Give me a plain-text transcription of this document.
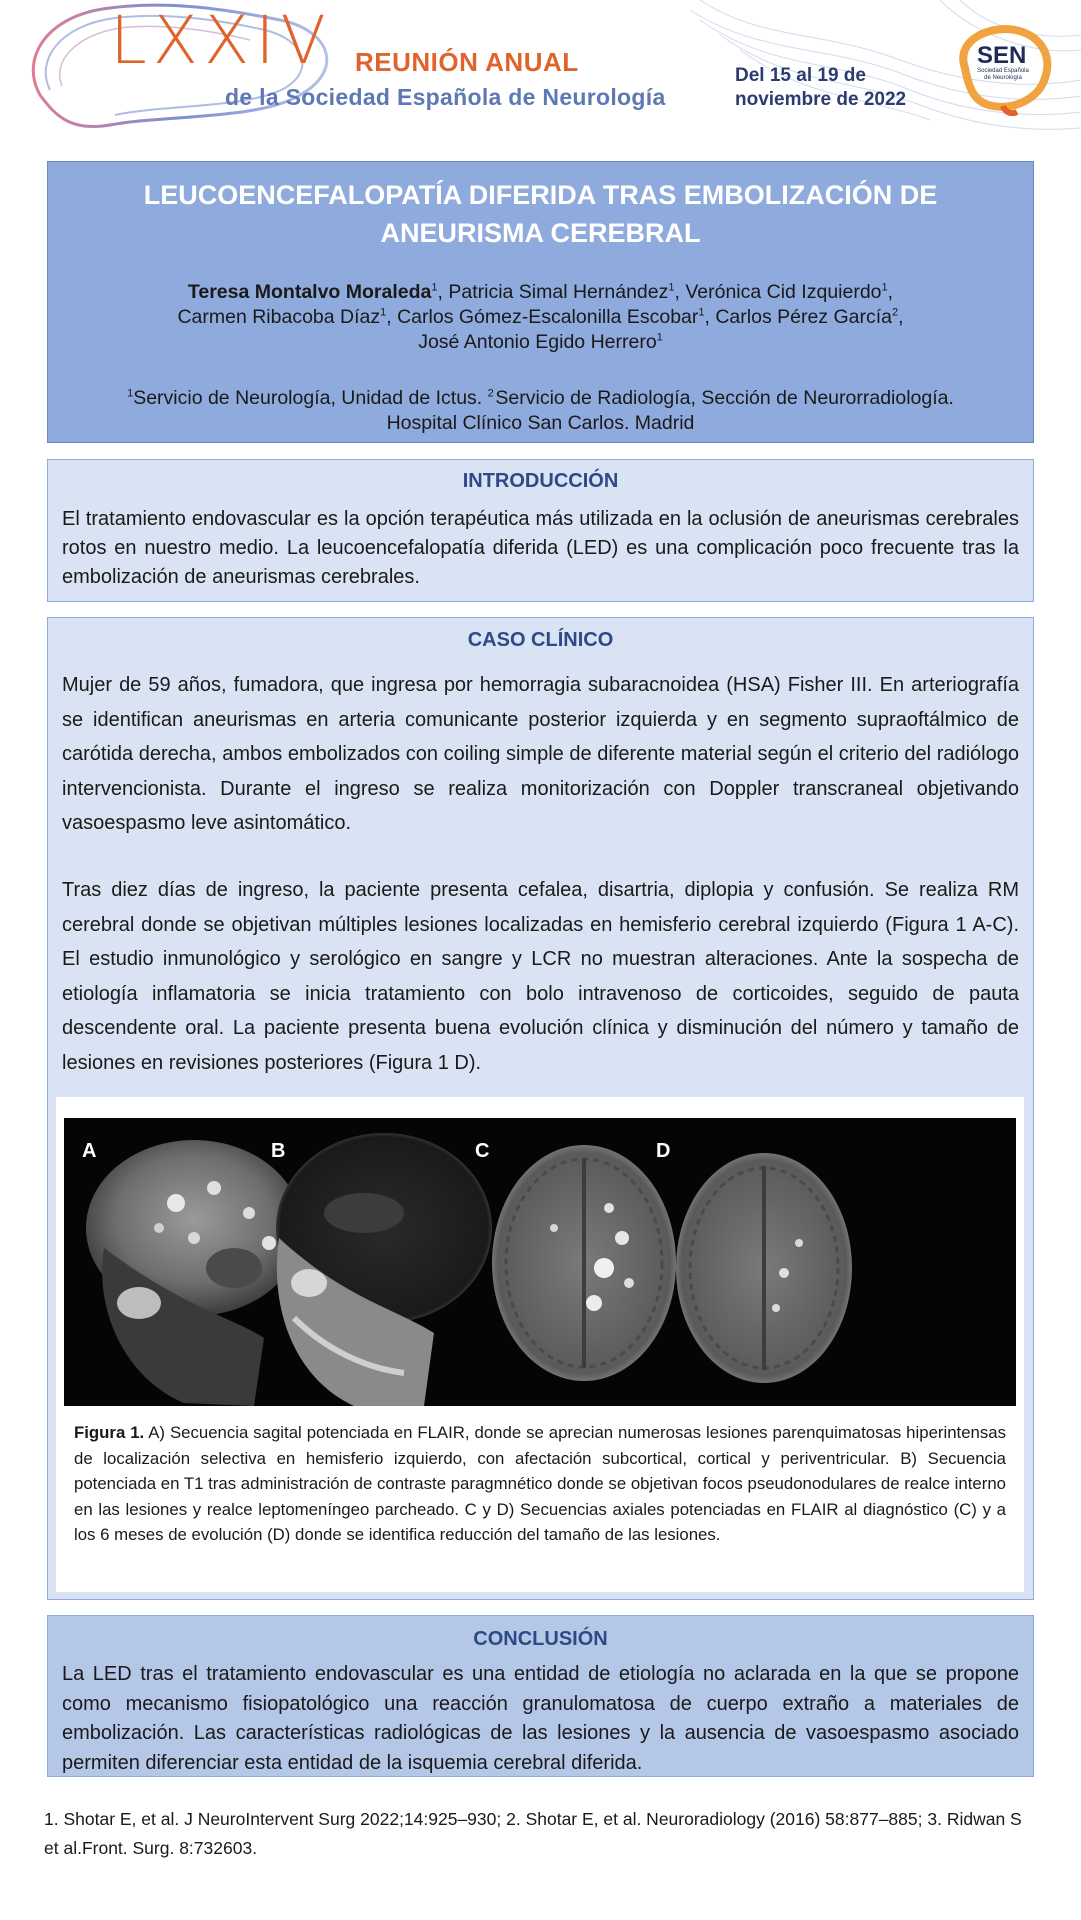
LXXIV REUNIÓN ANUAL
de la Sociedad Española de Neurología
Del 15 al 19 de
noviembre de 2022
SEN
Sociedad Española de Neurología
LEUCOENCEFALOPATÍA DIFERIDA TRAS EMBOLIZACIÓN DE ANEURISMA CEREBRAL
Teresa Montalvo Moraleda$^1$, Patricia Simal Hernández$^1$, Verónica Cid Izquierdo$^1$,
Carmen Ribacoba Díaz$^1$, Carlos Gómez-Escalonilla Escobar$^1$, Carlos Pérez García$^2$,
José Antonio Egido Herrero$^1$
$^1$Servicio de Neurología, Unidad de Ictus. $^2$ Servicio de Radiología, Sección de Neurorradiología.
Hospital Clínico San Carlos. Madrid
INTRODUCCIÓN
El tratamiento endovascular es la opción terapéutica más utilizada en la oclusión de aneurismas cerebrales rotos en nuestro medio. La leucoencefalopatía diferida (LED) es una complicación poco frecuente tras la embolización de aneurismas cerebrales.
CASO CLÍNICO
Mujer de 59 años, fumadora, que ingresa por hemorragia subaracnoidea (HSA) Fisher III. En arteriografía se identifican aneurismas en arteria comunicante posterior izquierda y en segmento supraoftálmico de carótida derecha, ambos embolizados con coiling simple de diferente material según el criterio del radiólogo intervencionista. Durante el ingreso se realiza monitorización con Doppler transcraneal objetivando vasoespasmo leve asintomático.
Tras diez días de ingreso, la paciente presenta cefalea, disartria, diplopia y confusión. Se realiza RM cerebral donde se objetivan múltiples lesiones localizadas en hemisferio cerebral izquierdo (Figura 1 A-C). El estudio inmunológico y serológico en sangre y LCR no muestran alteraciones. Ante la sospecha de etiología inflamatoria se inicia tratamiento con bolo intravenoso de corticoides, seguido de pauta descendente oral. La paciente presenta buena evolución clínica y disminución del número y tamaño de lesiones en revisiones posteriores (Figura 1 D).
A	B	C	D
Figura 1. A) Secuencia sagital potenciada en FLAIR, donde se aprecian numerosas lesiones parenquimatosas hiperintensas de localización selectiva en hemisferio izquierdo, con afectación subcortical, cortical y periventricular. B) Secuencia potenciada en T1 tras administración de contraste paragmnético donde se objetivan focos pseudonodulares de realce interno en las lesiones y realce leptomeníngeo parcheado. C y D) Secuencias axiales potenciadas en FLAIR al diagnóstico (C) y a los 6 meses de evolución (D) donde se identifica reducción del tamaño de las lesiones.
CONCLUSIÓN
La LED tras el tratamiento endovascular es una entidad de etiología no aclarada en la que se propone como mecanismo fisiopatológico una reacción granulomatosa de cuerpo extraño a materiales de embolización. Las características radiológicas de las lesiones y la ausencia de vasoespasmo asociado permiten diferenciar esta entidad de la isquemia cerebral diferida.
1. Shotar E, et al. J NeuroIntervent Surg 2022;14:925–930; 2. Shotar E, et al. Neuroradiology (2016) 58:877–885; 3. Ridwan S et al.Front. Surg. 8:732603.
